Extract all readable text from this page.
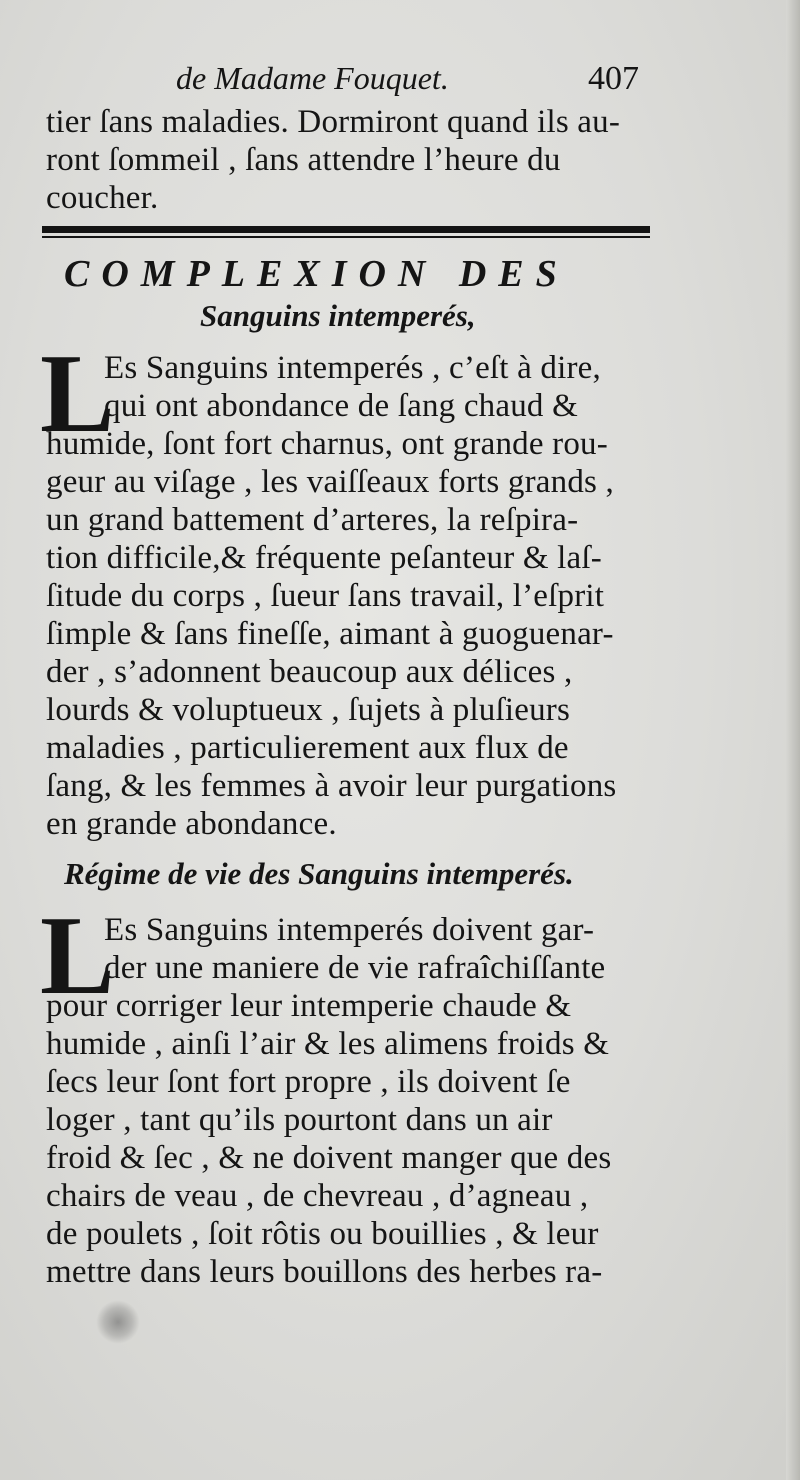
de Madame Fouquet.	407

tier ſans maladies. Dormiront quand ils au-

ront ſommeil , ſans attendre l’heure du

coucher.

COMPLEXION DES

Sanguins intemperés,

L

Es Sanguins intemperés , c’eſt à dire,

qui ont abondance de ſang chaud &

humide, ſont fort charnus, ont grande rou-

geur au viſage , les vaiſſeaux forts grands ,

un grand battement d’arteres, la reſpira-

tion difficile,& fréquente peſanteur & laſ-

ſitude du corps , ſueur ſans travail, l’eſprit

ſimple & ſans fineſſe, aimant à guoguenar-

der , s’adonnent beaucoup aux délices ,

lourds & voluptueux , ſujets à pluſieurs

maladies , particulierement aux flux de

ſang, & les femmes à avoir leur purgations

en grande abondance.

Régime de vie des Sanguins intemperés.

L

Es Sanguins intemperés doivent gar-

der une maniere de vie rafraîchiſſante

pour corriger leur intemperie chaude &

humide , ainſi l’air & les alimens froids &

ſecs leur ſont fort propre , ils doivent ſe

loger , tant qu’ils pourtont dans un air

froid & ſec , & ne doivent manger que des

chairs de veau , de chevreau , d’agneau ,

de poulets , ſoit rôtis ou bouillies , & leur

mettre dans leurs bouillons des herbes ra-
